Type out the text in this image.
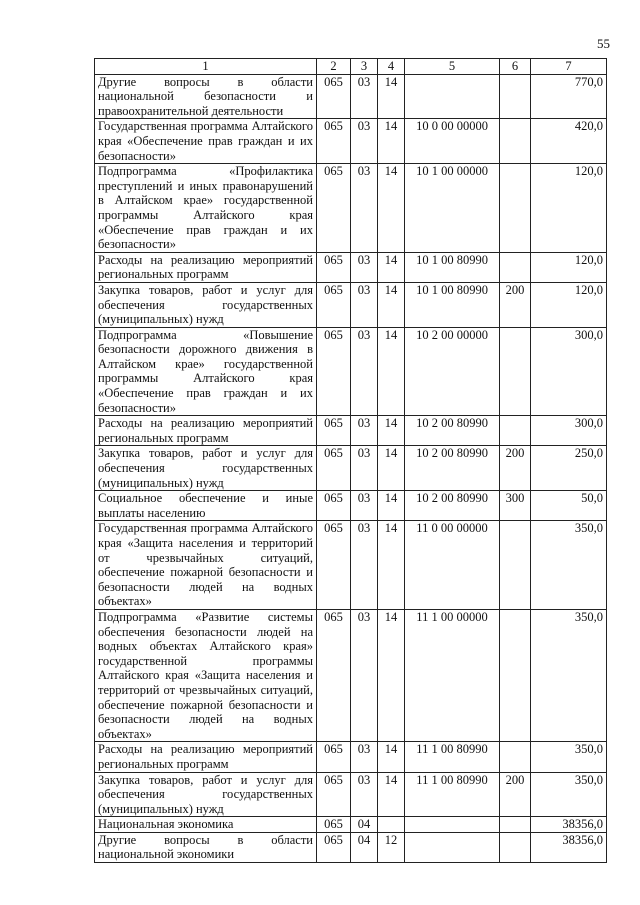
55
1	2	3	4	5	6	7
Другие вопросы в области национальной безопасности и правоохранительной деятельности	065	03	14			770,0
Государственная программа Алтайского края «Обеспечение прав граждан и их безопасности»	065	03	14	10 0 00 00000		420,0
Подпрограмма «Профилактика преступлений и иных правонарушений в Алтайском крае» государственной программы Алтайского края «Обеспечение прав граждан и их безопасности»	065	03	14	10 1 00 00000		120,0
Расходы на реализацию мероприятий региональных программ	065	03	14	10 1 00 80990		120,0
Закупка товаров, работ и услуг для обеспечения государственных (муниципальных) нужд	065	03	14	10 1 00 80990	200	120,0
Подпрограмма «Повышение безопасности дорожного движения в Алтайском крае» государственной программы Алтайского края «Обеспечение прав граждан и их безопасности»	065	03	14	10 2 00 00000		300,0
Расходы на реализацию мероприятий региональных программ	065	03	14	10 2 00 80990		300,0
Закупка товаров, работ и услуг для обеспечения государственных (муниципальных) нужд	065	03	14	10 2 00 80990	200	250,0
Социальное обеспечение и иные выплаты населению	065	03	14	10 2 00 80990	300	50,0
Государственная программа Алтайского края «Защита населения и территорий от чрезвычайных ситуаций, обеспечение пожарной безопасности и безопасности людей на водных объектах»	065	03	14	11 0 00 00000		350,0
Подпрограмма «Развитие системы обеспечения безопасности людей на водных объектах Алтайского края» государственной программы Алтайского края «Защита населения и территорий от чрезвычайных ситуаций, обеспечение пожарной безопасности и безопасности людей на водных объектах»	065	03	14	11 1 00 00000		350,0
Расходы на реализацию мероприятий региональных программ	065	03	14	11 1 00 80990		350,0
Закупка товаров, работ и услуг для обеспечения государственных (муниципальных) нужд	065	03	14	11 1 00 80990	200	350,0
Национальная экономика	065	04				38356,0
Другие вопросы в области национальной экономики	065	04	12			38356,0
